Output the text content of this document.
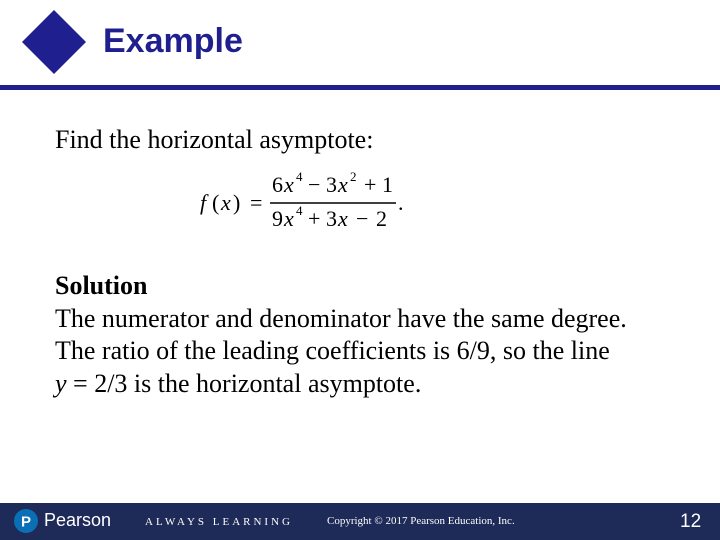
Example
Find the horizontal asymptote:
f ( x ) =
6 x 4 − 3 x 2 + 1
9 x 4 + 3 x − 2
.
Solution
The numerator and denominator have the same degree.
The ratio of the leading coefficients is 6/9, so the line
y = 2/3 is the horizontal asymptote.
P Pearson	ALWAYS LEARNING	Copyright © 2017 Pearson Education, Inc.	12
